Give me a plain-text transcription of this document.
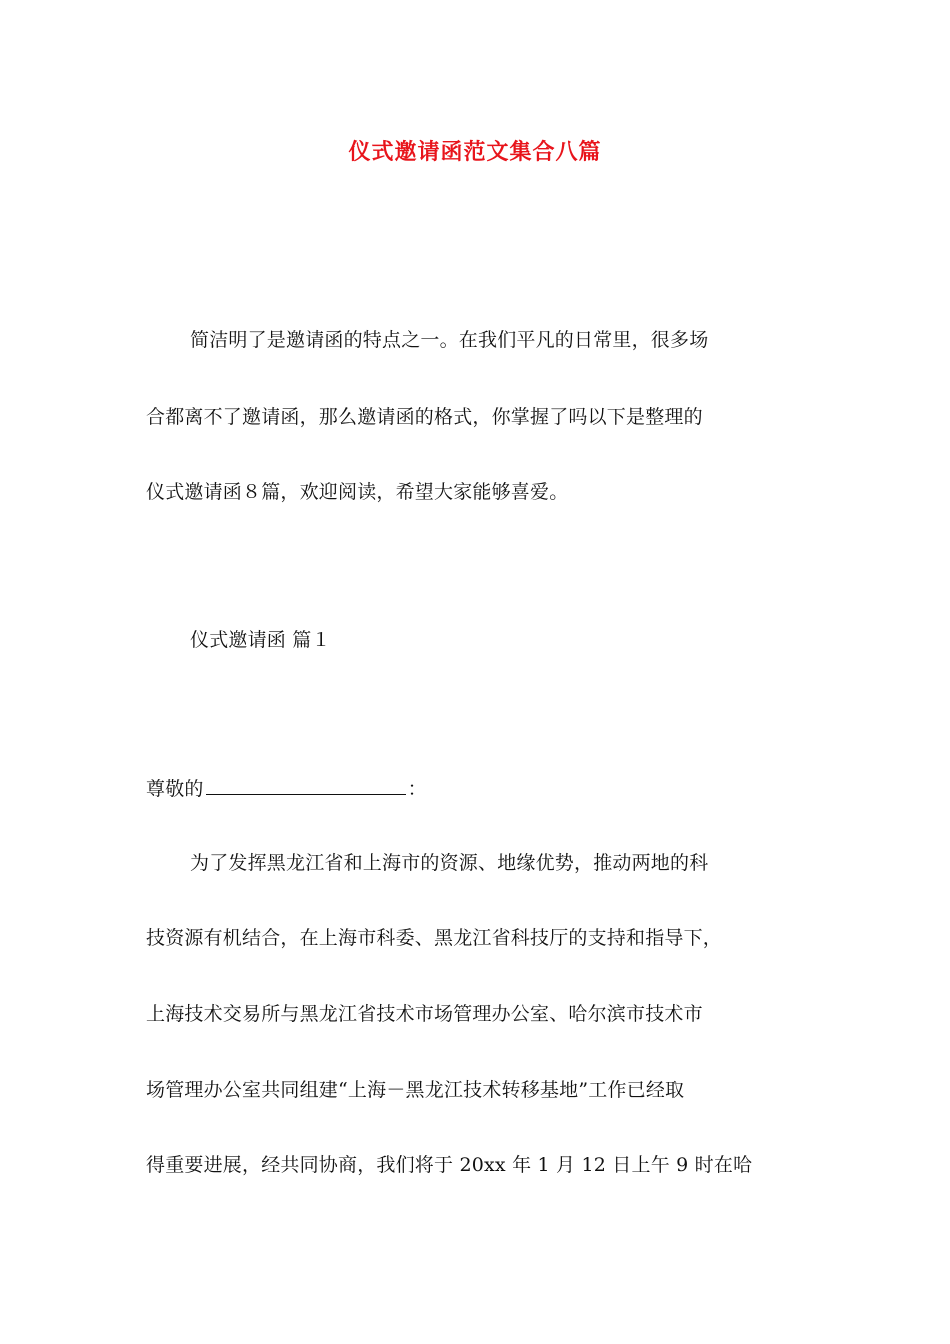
仪式邀请函范文集合八篇
简洁明了是邀请函的特点之一。在我们平凡的日常里，很多场
合都离不了邀请函，那么邀请函的格式，你掌握了吗以下是整理的
仪式邀请函８篇，欢迎阅读，希望大家能够喜爱。
仪式邀请函 篇１
尊敬的	：
为了发挥黑龙江省和上海市的资源、地缘优势，推动两地的科
技资源有机结合，在上海市科委、黑龙江省科技厅的支持和指导下，
上海技术交易所与黑龙江省技术市场管理办公室、哈尔滨市技术市
场管理办公室共同组建“上海－黑龙江技术转移基地”工作已经取
得重要进展，经共同协商，我们将于 20xx 年 1 月 12 日上午 9 时在哈
